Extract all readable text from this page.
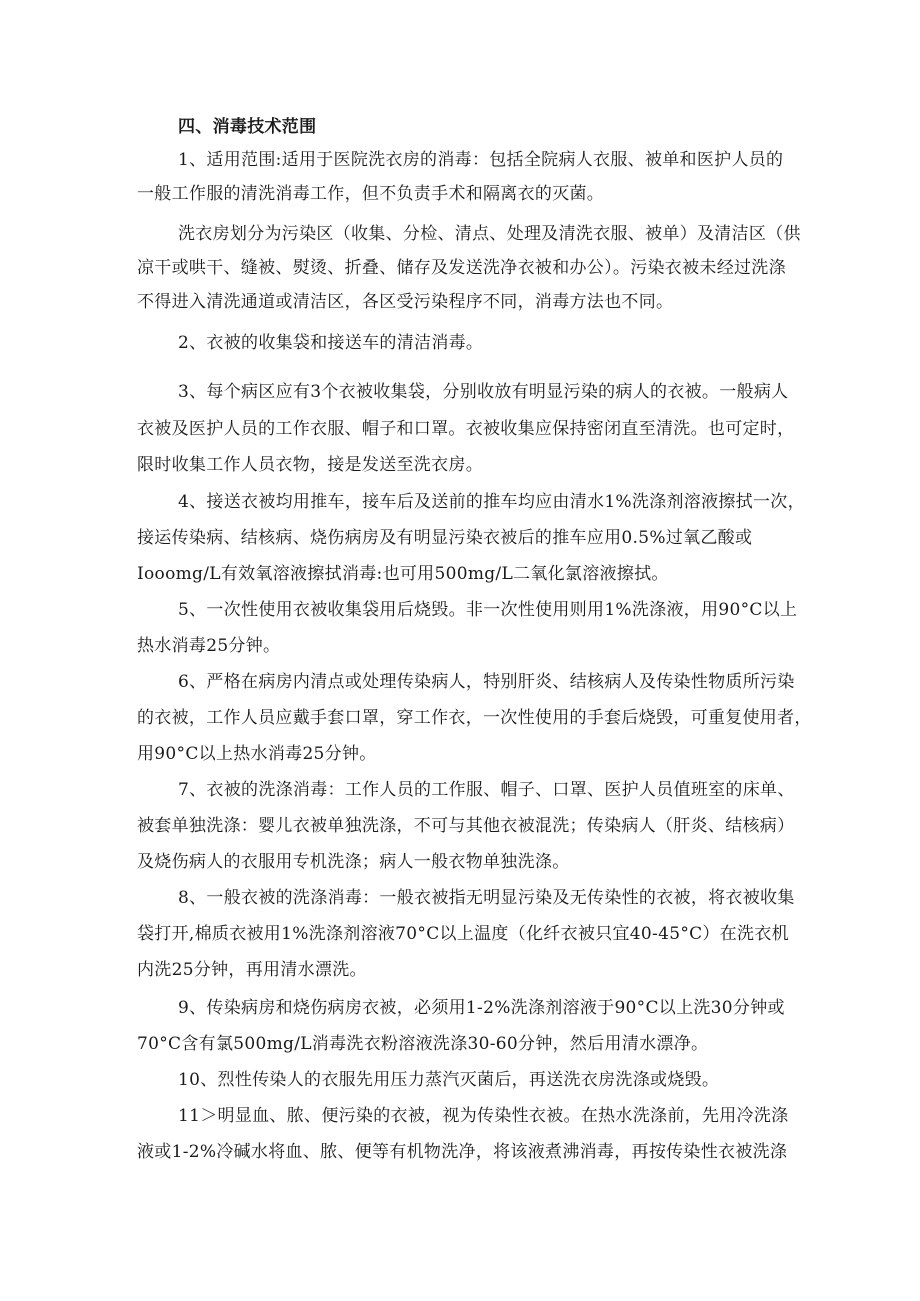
四、消毒技术范围
1、适用范围:适用于医院洗衣房的消毒：包括全院病人衣服、被单和医护人员的
一般工作服的清洗消毒工作，但不负责手术和隔离衣的灭菌。
洗衣房划分为污染区（收集、分检、清点、处理及清洗衣服、被单）及清洁区（供
凉干或哄干、缝被、熨烫、折叠、储存及发送洗净衣被和办公）。污染衣被未经过洗涤
不得进入清洗通道或清洁区，各区受污染程序不同，消毒方法也不同。
2、衣被的收集袋和接送车的清洁消毒。
3、每个病区应有3个衣被收集袋，分别收放有明显污染的病人的衣被。一般病人
衣被及医护人员的工作衣服、帽子和口罩。衣被收集应保持密闭直至清洗。也可定时，
限时收集工作人员衣物，接是发送至洗衣房。
4、接送衣被均用推车，接车后及送前的推车均应由清水1%洗涤剂溶液擦拭一次，
接运传染病、结核病、烧伤病房及有明显污染衣被后的推车应用0.5%过氧乙酸或
Iooomg/L有效氧溶液擦拭消毒:也可用500mg/L二氧化氯溶液擦拭。
5、一次性使用衣被收集袋用后烧毁。非一次性使用则用1%洗涤液，用90°C以上
热水消毒25分钟。
6、严格在病房内清点或处理传染病人，特别肝炎、结核病人及传染性物质所污染
的衣被，工作人员应戴手套口罩，穿工作衣，一次性使用的手套后烧毁，可重复使用者，
用90°C以上热水消毒25分钟。
7、衣被的洗涤消毒：工作人员的工作服、帽子、口罩、医护人员值班室的床单、
被套单独洗涤：婴儿衣被单独洗涤，不可与其他衣被混洗；传染病人（肝炎、结核病）
及烧伤病人的衣服用专机洗涤；病人一般衣物单独洗涤。
8、一般衣被的洗涤消毒：一般衣被指无明显污染及无传染性的衣被，将衣被收集
袋打开,棉质衣被用1%洗涤剂溶液70°C以上温度（化纤衣被只宜40-45°C）在洗衣机
内洗25分钟，再用清水漂洗。
9、传染病房和烧伤病房衣被，必须用1-2%洗涤剂溶液于90°C以上洗30分钟或
70°C含有氯500mg/L消毒洗衣粉溶液洗涤30-60分钟，然后用清水漂净。
10、烈性传染人的衣服先用压力蒸汽灭菌后，再送洗衣房洗涤或烧毁。
11＞明显血、脓、便污染的衣被，视为传染性衣被。在热水洗涤前，先用冷洗涤
液或1-2%冷碱水将血、脓、便等有机物洗净，将该液煮沸消毒，再按传染性衣被洗涤
